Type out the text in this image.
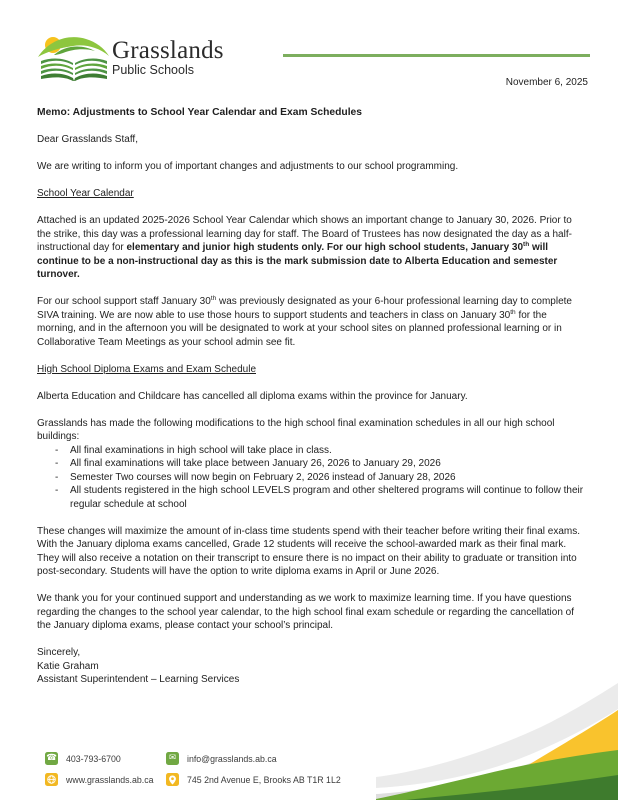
Grasslands
Public Schools
November 6, 2025

Memo: Adjustments to School Year Calendar and Exam Schedules

Dear Grasslands Staff,

We are writing to inform you of important changes and adjustments to our school programming.

School Year Calendar

Attached is an updated 2025-2026 School Year Calendar which shows an important change to January 30, 2026. Prior to the strike, this day was a professional learning day for staff. The Board of Trustees has now designated the day as a half-instructional day for elementary and junior high students only. For our high school students, January 30th will continue to be a non-instructional day as this is the mark submission date to Alberta Education and semester turnover.

For our school support staff January 30th was previously designated as your 6-hour professional learning day to complete SIVA training. We are now able to use those hours to support students and teachers in class on January 30th for the morning, and in the afternoon you will be designated to work at your school sites on planned professional learning or in Collaborative Team Meetings as your school admin see fit.

High School Diploma Exams and Exam Schedule

Alberta Education and Childcare has cancelled all diploma exams within the province for January.

Grasslands has made the following modifications to the high school final examination schedules in all our high school buildings:

- All final examinations in high school will take place in class.
- All final examinations will take place between January 26, 2026 to January 29, 2026
- Semester Two courses will now begin on February 2, 2026 instead of January 28, 2026
- All students registered in the high school LEVELS program and other sheltered programs will continue to follow their regular schedule at school

These changes will maximize the amount of in-class time students spend with their teacher before writing their final exams. With the January diploma exams cancelled, Grade 12 students will receive the school-awarded mark as their final mark. They will also receive a notation on their transcript to ensure there is no impact on their ability to graduate or transition into post-secondary. Students will have the option to write diploma exams in April or June 2026.

We thank you for your continued support and understanding as we work to maximize learning time. If you have questions regarding the changes to the school year calendar, to the high school final exam schedule or regarding the cancellation of the January diploma exams, please contact your school’s principal.

Sincerely,

Katie Graham

Assistant Superintendent – Learning Services

☎ 403-793-6700	✉ info@grasslands.ab.ca
www.grasslands.ab.ca	745 2nd Avenue E, Brooks AB T1R 1L2
